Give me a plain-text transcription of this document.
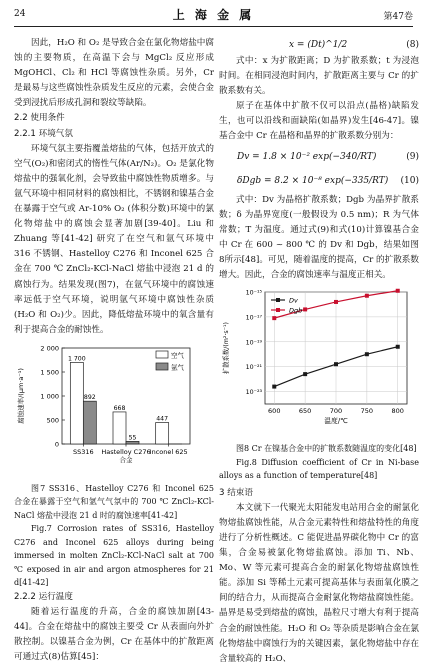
24	上 海 金 属	第47卷

因此，H₂O 和 O₂ 是导致合金在氯化物熔盐中腐蚀的主要物质，在高温下会与 MgCl₂ 反应形成 MgOHCl、Cl₂ 和 HCl 等腐蚀性杂质。另外，Cr 是最易与这些腐蚀性杂质发生反应的元素，会使合金受到浸扰后形成孔洞和裂纹等缺陷。

2.2 使用条件

2.2.1 环境气氛

环境气氛主要指覆盖熔盐的气体，包括开放式的空气(O₂)和密闭式的惰性气体(Ar/N₂)。O₂ 是氯化物熔盐中的强氧化剂，会导致盐中腐蚀性物质增多。与氩气环境中相同材料的腐蚀相比，不锈钢和镍基合金在暴露于空气或 Ar-10% O₂ (体积分数)环境中的氯化物熔盐中的腐蚀会显著加剧[39-40]。Liu 和 Zhuang 等[41-42] 研究了在空气和氩气环境中 316 不锈钢、Hastelloy C276 和 Inconel 625 合金在 700 ℃ ZnCl₂-KCl-NaCl 熔盐中浸泡 21 d 的腐蚀行为。结果发现(图7)，在氩气环境中的腐蚀速率远低于空气环境，说明氩气环境中腐蚀性杂质(H₂O 和 O₂)少。因此，降低熔盐环境中的氧含量有利于提高合金的耐蚀性。

0
500
1 000
1 500
2 000
腐蚀速率/(μm·a⁻¹)
1 700
892
SS316
668
55
Hastelloy C276
合金
447
Inconel 625
空气
氩气

图7 SS316、Hastelloy C276 和 Inconel 625 合金在暴露于空气和氩气气氛中的 700 ℃ ZnCl₂-KCl-NaCl 熔盐中浸泡 21 d 时的腐蚀速率[41-42]

Fig.7 Corrosion rates of SS316, Hastelloy C276 and Inconel 625 alloys during being immersed in molten ZnCl₂-KCl-NaCl salt at 700 ℃ exposed in air and argon atmospheres for 21 d[41-42]

2.2.2 运行温度

随着运行温度的升高，合金的腐蚀加剧[43-44]。合金在熔盐中的腐蚀主要受 Cr 从表面向外扩散控制。以镍基合金为例，Cr 在基体中的扩散距离可通过式(8)估算[45]：

x = (Dt)^1/2	(8)

式中：x 为扩散距离；D 为扩散系数；t 为浸泡时间。在相同浸泡时间内，扩散距离主要与 Cr 的扩散系数有关。

原子在基体中扩散不仅可以沿点(晶格)缺陷发生，也可以沿线和面缺陷(如晶界)发生[46-47]。镍基合金中 Cr 在晶格和晶界的扩散系数分别为：

Dv = 1.8 × 10⁻² exp(−340/RT)	(9)
δDgb = 8.2 × 10⁻⁸ exp(−335/RT) (10)

式中：Dv 为晶格扩散系数；Dgb 为晶界扩散系数；δ 为晶界宽度(一般假设为 0.5 nm)；R 为气体常数；T 为温度。通过式(9)和式(10)计算镍基合金中 Cr 在 600 ~ 800 ℃ 的 Dv 和 Dgb，结果如图8所示[48]。可见，随着温度的提高，Cr 的扩散系数增大。因此，合金的腐蚀速率与温度正相关。

10⁻²³
10⁻²¹
10⁻¹⁹
10⁻¹⁷
10⁻¹⁵
600	650	700	750	800
温度/℃
扩散系数/(m²·s⁻¹)
Dv
Dgb

图8 Cr 在镍基合金中的扩散系数随温度的变化[48]

Fig.8 Diffusion coefficient of Cr in Ni-base alloys as a function of temperature[48]

3 结束语

本文就下一代聚光太阳能发电站用合金的耐氯化物熔盐腐蚀性能，从合金元素特性和熔盐特性的角度进行了分析性概述。C 能促进晶界碳化物中 Cr 的富集，合金易被氯化物熔盐腐蚀。添加 Ti、Nb、Mo、W 等元素可提高合金的耐氯化物熔盐腐蚀性能。添加 Si 等稀土元素可提高基体与表面氧化膜之间的结合力，从而提高合金耐氯化物熔盐腐蚀性能。晶界是易受到熔盐的腐蚀，晶粒尺寸增大有利于提高合金的耐蚀性能。H₂O 和 O₂ 等杂质是影响合金在氯化物熔盐中腐蚀行为的关键因素，氯化物熔盐中存在含量较高的 H₂O、
